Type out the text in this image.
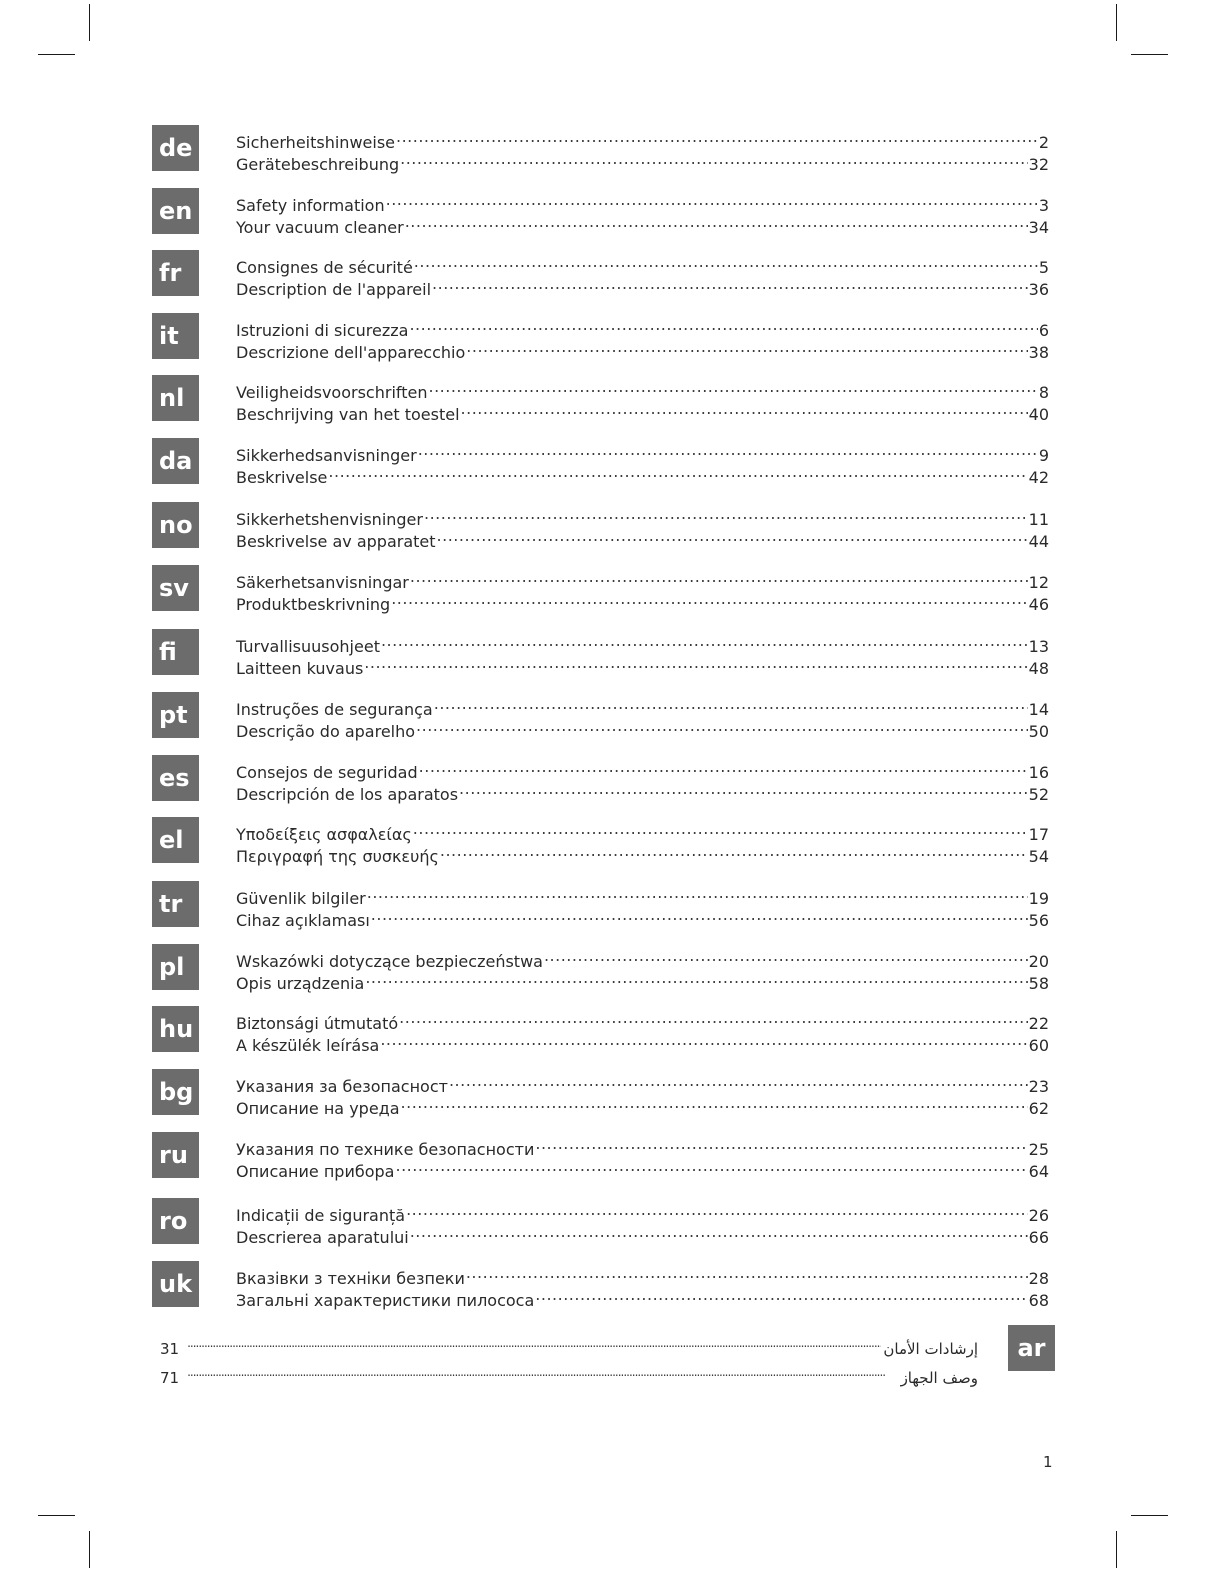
de	Sicherheitshinweise .....	2
Gerätebeschreibung .....	32
en	Safety information .....	3
Your vacuum cleaner .....	34
fr	Consignes de sécurité .....	5
Description de l'appareil .....	36
it	Istruzioni di sicurezza .....	6
Descrizione dell'apparecchio .....	38
nl	Veiligheidsvoorschriften .....	8
Beschrijving van het toestel .....	40
da	Sikkerhedsanvisninger .....	9
Beskrivelse .....	42
no	Sikkerhetshenvisninger .....	11
Beskrivelse av apparatet .....	44
sv	Säkerhetsanvisningar .....	12
Produktbeskrivning .....	46
fi	Turvallisuusohjeet .....	13
Laitteen kuvaus .....	48
pt	Instruções de segurança .....	14
Descrição do aparelho .....	50
es	Consejos de seguridad .....	16
Descripción de los aparatos .....	52
el	Υποδείξεις ασφαλείας .....	17
Περιγραφή της συσκευής .....	54
tr	Güvenlik bilgiler .....	19
Cihaz açıklaması .....	56
pl	Wskazówki dotyczące bezpieczeństwa .....	20
Opis urządzenia .....	58
hu	Biztonsági útmutató .....	22
A készülék leírása .....	60
bg	Указания за безопасност .....	23
Описание на уреда .....	62
ru	Указания по технике безопасности .....	25
Описание прибора .....	64
ro	Indicații de siguranță .....	26
Descrierea aparatului .....	66
uk	Вказівки з техніки безпеки .....	28
Загальні характеристики пилососа .....	68
31 .....	إرشادات الأمان
71 .....	وصف الجهاز
ar
1
